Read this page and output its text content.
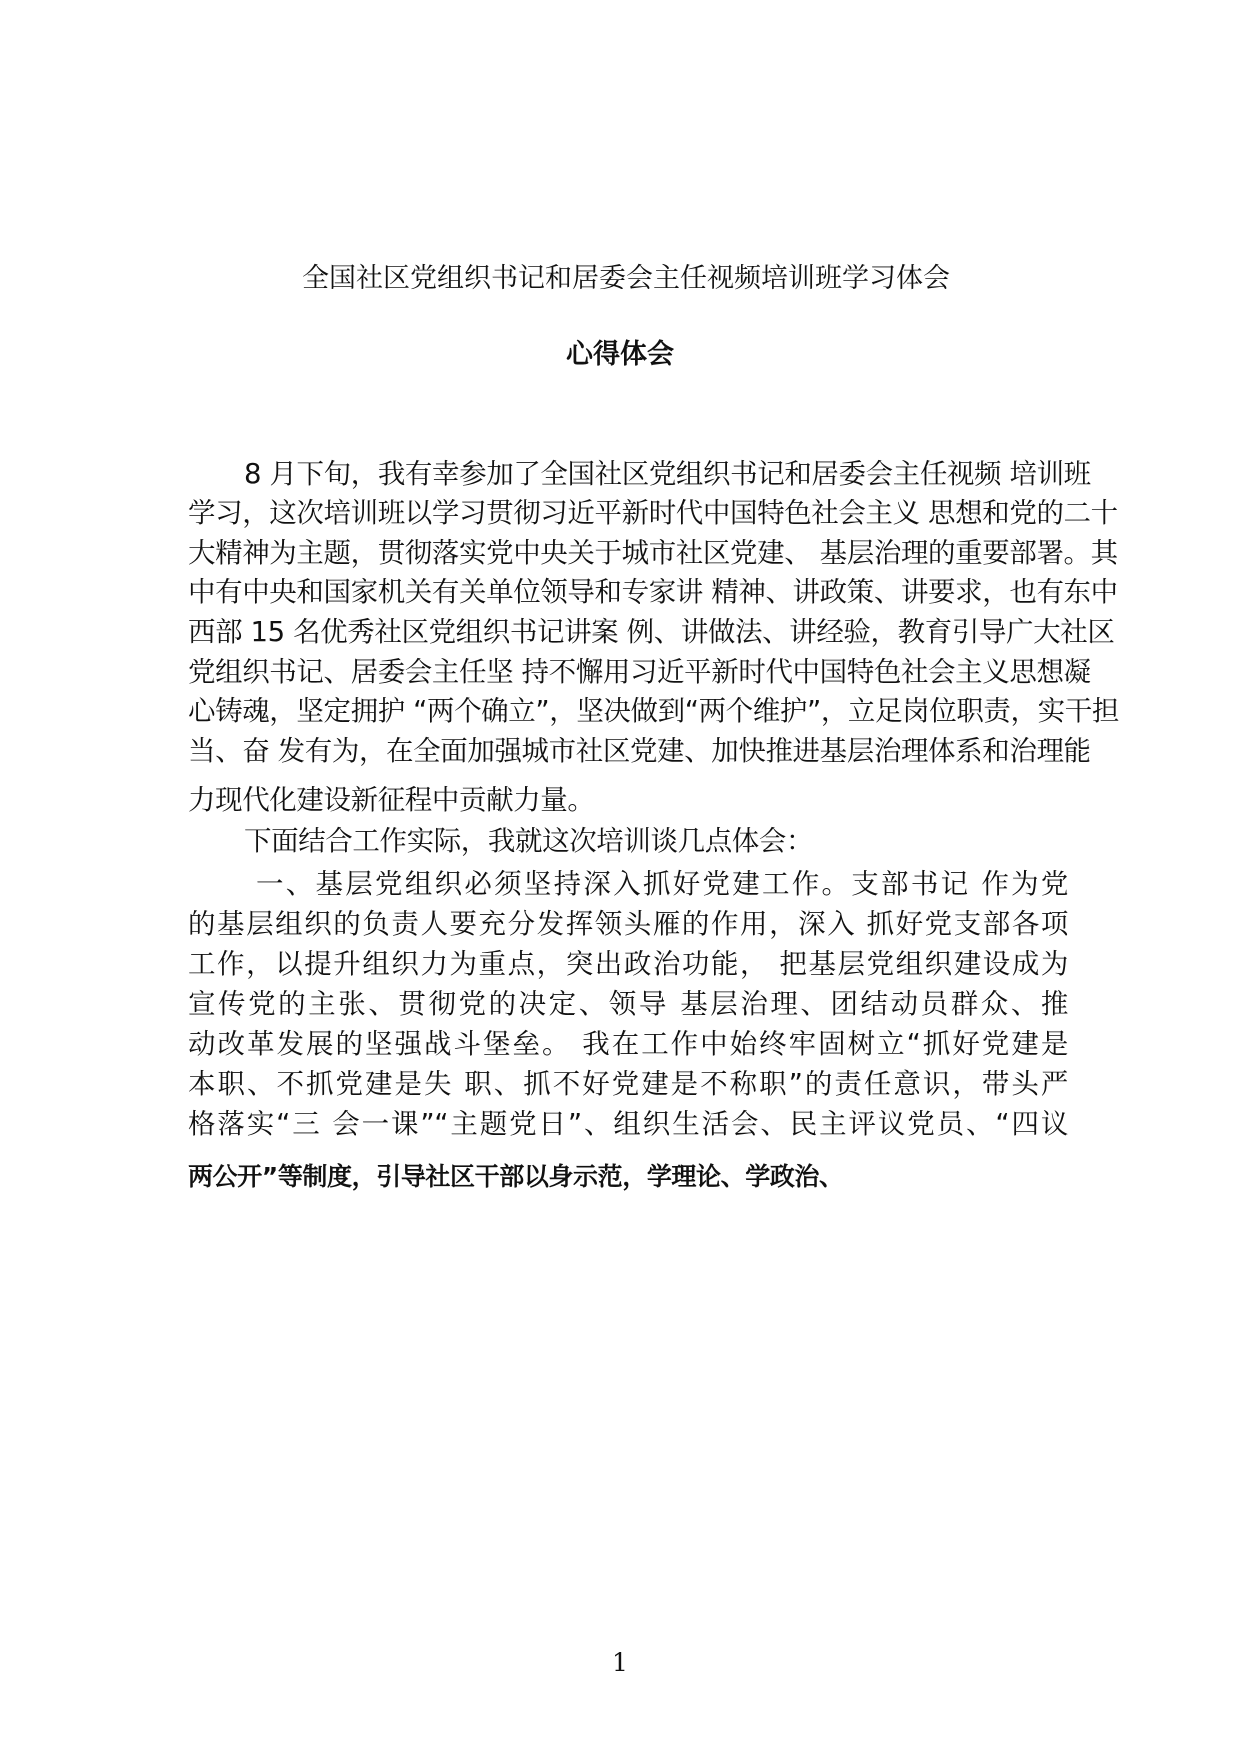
全国社区党组织书记和居委会主任视频培训班学习体会
心得体会

8 月下旬，我有幸参加了全国社区党组织书记和居委会主任视频 培训班

学习，这次培训班以学习贯彻习近平新时代中国特色社会主义 思想和党的二十

大精神为主题，贯彻落实党中央关于城市社区党建、 基层治理的重要部署。其

中有中央和国家机关有关单位领导和专家讲 精神、讲政策、讲要求，也有东中

西部 15 名优秀社区党组织书记讲案 例、讲做法、讲经验，教育引导广大社区

党组织书记、居委会主任坚 持不懈用习近平新时代中国特色社会主义思想凝

心铸魂，坚定拥护 “两个确立”，坚决做到“两个维护”，立足岗位职责，实干担

当、奋 发有为，在全面加强城市社区党建、加快推进基层治理体系和治理能

力现代化建设新征程中贡献力量。

下面结合工作实际，我就这次培训谈几点体会：

一、基层党组织必须坚持深入抓好党建工作。支部书记 作为党

的基层组织的负责人要充分发挥领头雁的作用，深入 抓好党支部各项

工作，以提升组织力为重点，突出政治功能， 把基层党组织建设成为

宣传党的主张、贯彻党的决定、领导 基层治理、团结动员群众、推

动改革发展的坚强战斗堡垒。 我在工作中始终牢固树立“抓好党建是

本职、不抓党建是失 职、抓不好党建是不称职”的责任意识，带头严

格落实“三 会一课”“主题党日”、组织生活会、民主评议党员、“四议

两公开”等制度，引导社区干部以身示范，学理论、学政治、

1
